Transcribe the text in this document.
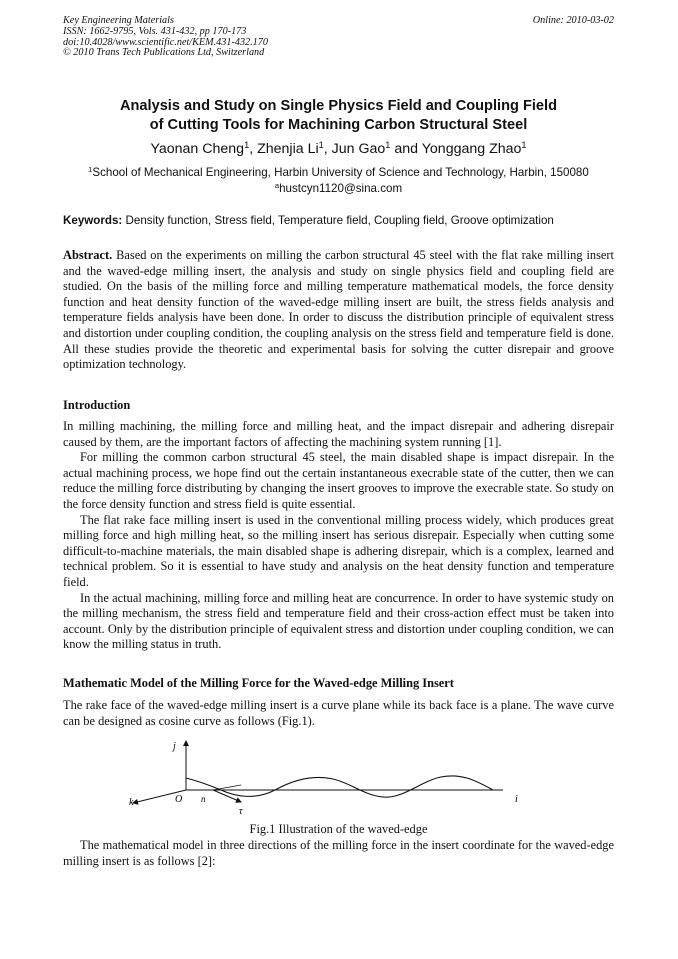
Key Engineering Materials
ISSN: 1662-9795, Vols. 431-432, pp 170-173
doi:10.4028/www.scientific.net/KEM.431-432.170
© 2010 Trans Tech Publications Ltd, Switzerland
Online: 2010-03-02
Analysis and Study on Single Physics Field and Coupling Field
of Cutting Tools for Machining Carbon Structural Steel
Yaonan Cheng$^1$, Zhenjia Li$^1$, Jun Gao$^1$ and Yonggang Zhao$^1$
$^1$School of Mechanical Engineering, Harbin University of Science and Technology, Harbin, 150080
$^a$hustcyn1120@sina.com
Keywords: Density function, Stress field, Temperature field, Coupling field, Groove optimization
Abstract. Based on the experiments on milling the carbon structural 45 steel with the flat rake milling insert and the waved-edge milling insert, the analysis and study on single physics field and coupling field are studied. On the basis of the milling force and milling temperature mathematical models, the force density function and heat density function of the waved-edge milling insert are built, the stress fields analysis and temperature fields analysis have been done. In order to discuss the distribution principle of equivalent stress and distortion under coupling condition, the coupling analysis on the stress field and temperature field is done. All these studies provide the theoretic and experimental basis for solving the cutter disrepair and groove optimization technology.
Introduction

In milling machining, the milling force and milling heat, and the impact disrepair and adhering disrepair caused by them, are the important factors of affecting the machining system running [1].

For milling the common carbon structural 45 steel, the main disabled shape is impact disrepair. In the actual machining process, we hope find out the certain instantaneous execrable state of the cutter, then we can reduce the milling force distributing by changing the insert grooves to improve the execrable state. So study on the force density function and stress field is quite essential.

The flat rake face milling insert is used in the conventional milling process widely, which produces great milling force and high milling heat, so the milling insert has serious disrepair. Especially when cutting some difficult-to-machine materials, the main disabled shape is adhering disrepair, which is a complex, learned and technical problem. So it is essential to have study and analysis on the heat density function and temperature field.

In the actual machining, milling force and milling heat are concurrence. In order to have systemic study on the milling mechanism, the stress field and temperature field and their cross-action effect must be taken into account. Only by the distribution principle of equivalent stress and distortion under coupling condition, we can know the milling status in truth.

Mathematic Model of the Milling Force for the Waved-edge Milling Insert

The rake face of the waved-edge milling insert is a curve plane while its back face is a plane. The wave curve can be designed as cosine curve as follows (Fig.1).

j
k	O n
τ
i
Fig.1 Illustration of the waved-edge

The mathematical model in three directions of the milling force in the insert coordinate for the waved-edge milling insert is as follows [2]:
